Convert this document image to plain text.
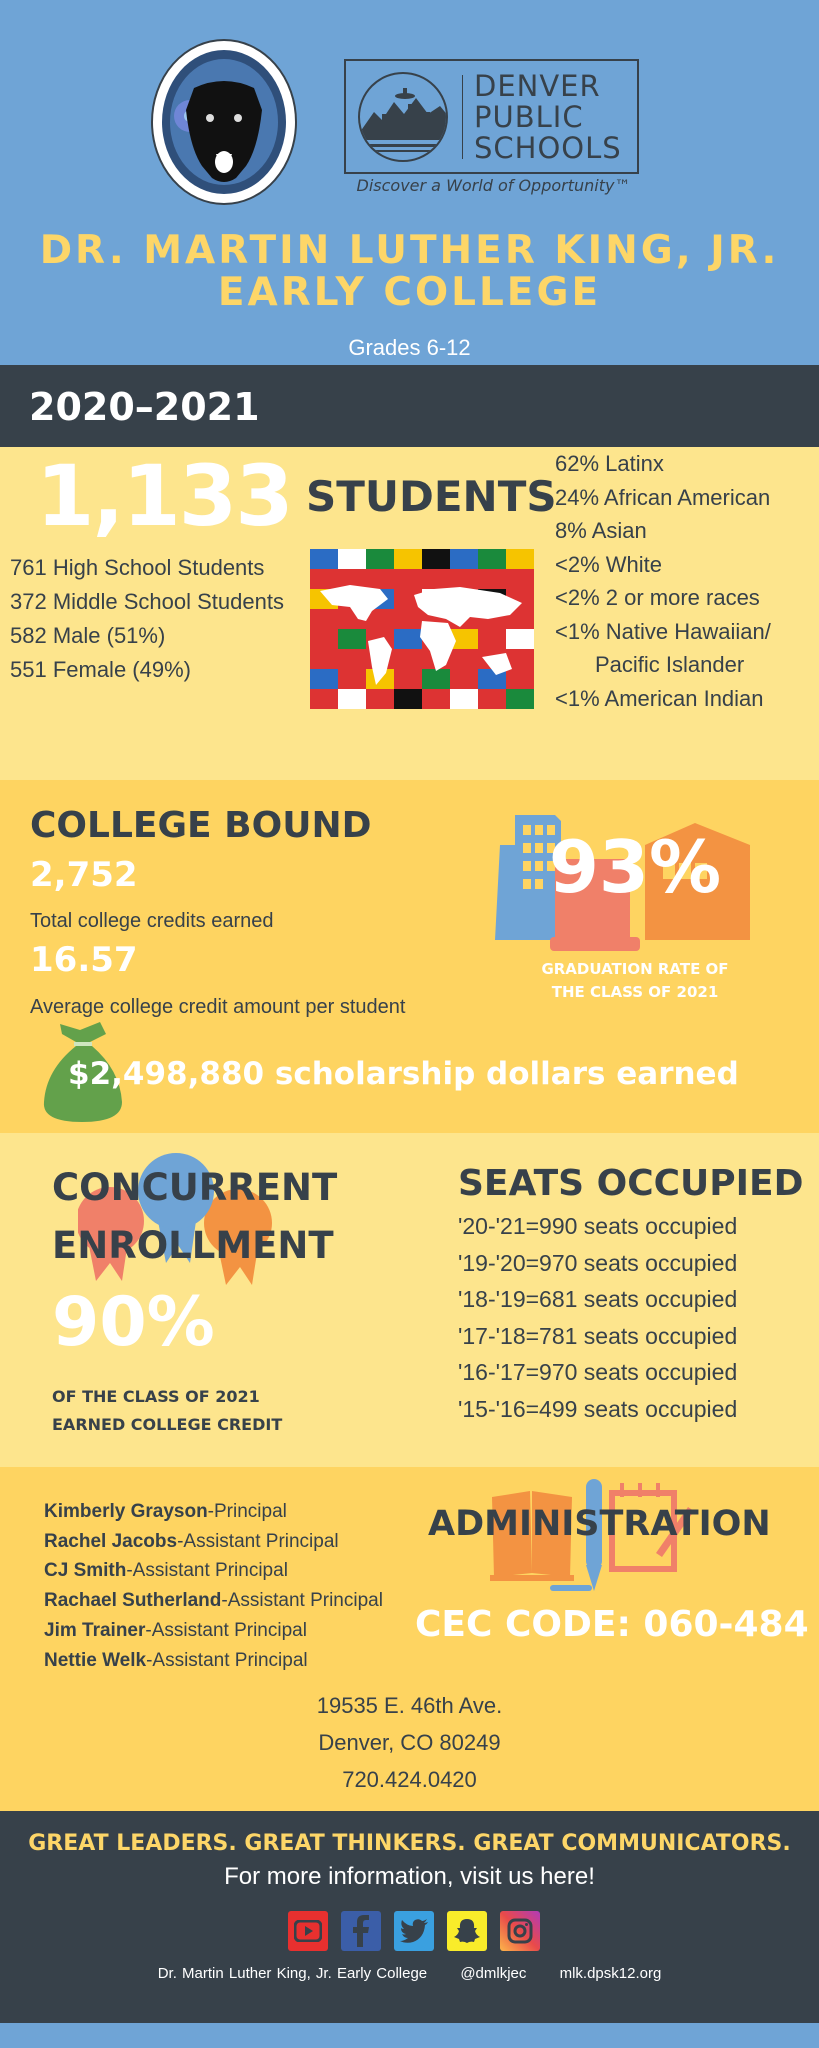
DENVER
PUBLIC
SCHOOLS
Discover a World of Opportunity™
DR. MARTIN LUTHER KING, JR.
EARLY COLLEGE
Grades 6-12
2020–2021
1,133 STUDENTS
761 High School Students
372 Middle School Students
582 Male (51%)
551 Female (49%)
62% Latinx
24% African American
8% Asian
<2% White
<2% 2 or more races
<1% Native Hawaiian/
Pacific Islander
<1% American Indian
COLLEGE BOUND
2,752
Total college credits earned
16.57
Average college credit amount per student
93%
GRADUATION RATE OF
THE CLASS OF 2021
$2,498,880 scholarship dollars earned
CONCURRENT
ENROLLMENT
90%
OF THE CLASS OF 2021
EARNED COLLEGE CREDIT
SEATS OCCUPIED
'20-'21=990 seats occupied
'19-'20=970 seats occupied
'18-'19=681 seats occupied
'17-'18=781 seats occupied
'16-'17=970 seats occupied
'15-'16=499 seats occupied
Kimberly Grayson-Principal
Rachel Jacobs-Assistant Principal
CJ Smith-Assistant Principal
Rachael Sutherland-Assistant Principal
Jim Trainer-Assistant Principal
Nettie Welk-Assistant Principal
ADMINISTRATION
CEC CODE: 060-484
19535 E. 46th Ave.
Denver, CO 80249
720.424.0420
GREAT LEADERS. GREAT THINKERS. GREAT COMMUNICATORS.
For more information, visit us here!
Dr. Martin Luther King, Jr. Early College @dmlkjec mlk.dpsk12.org
